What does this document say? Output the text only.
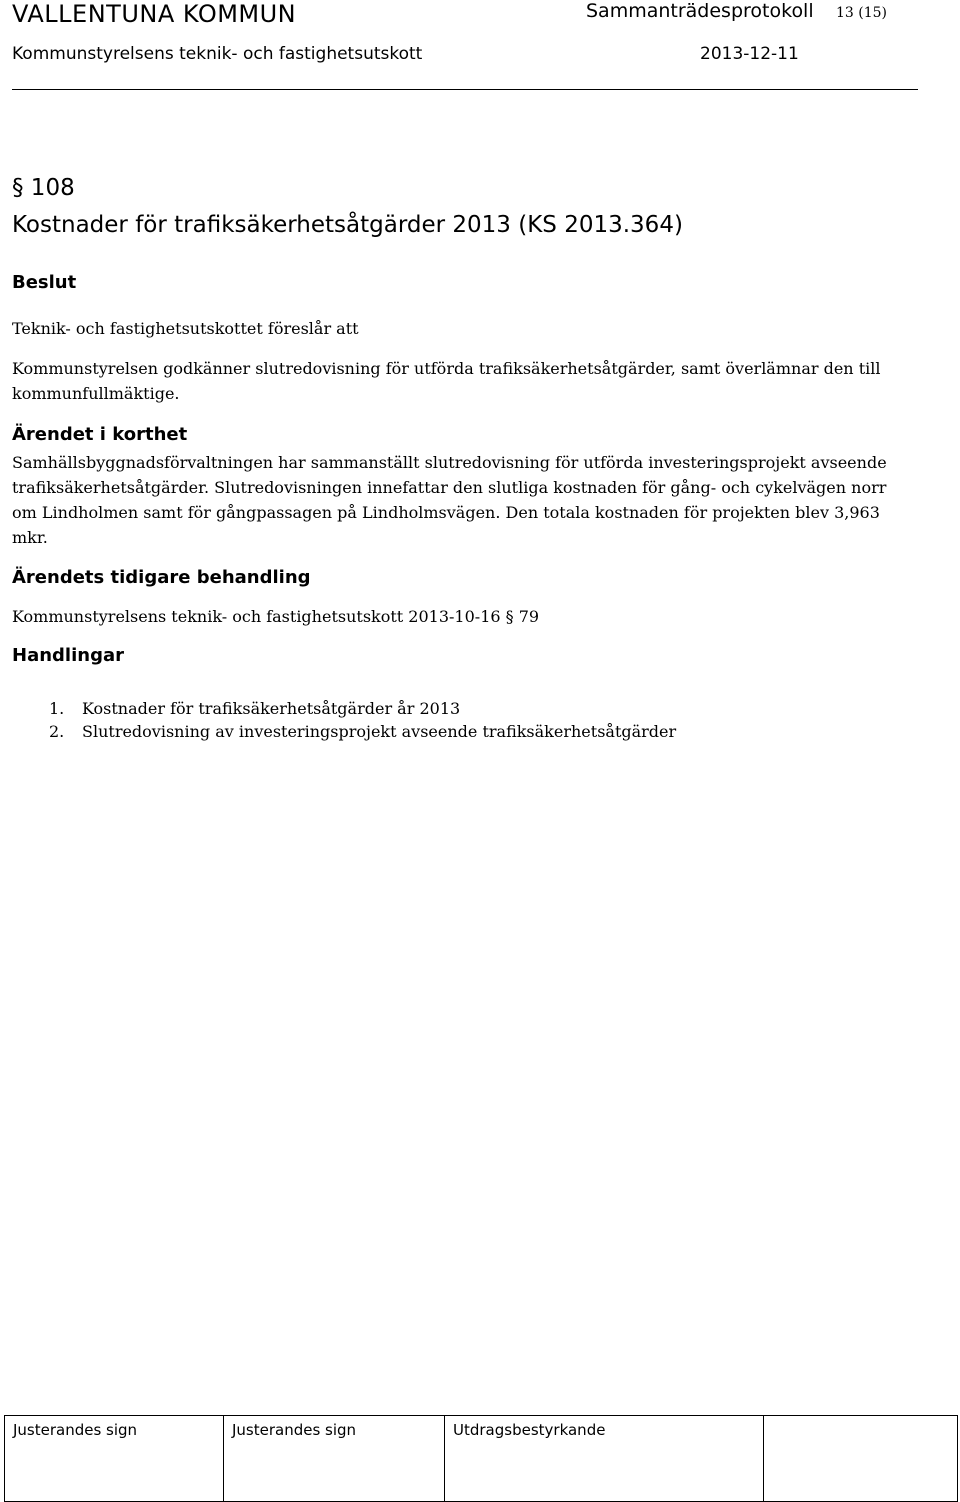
VALLENTUNA KOMMUN	Sammanträdesprotokoll 13 (15)
Kommunstyrelsens teknik- och fastighetsutskott	2013-12-11
§ 108
Kostnader för trafiksäkerhetsåtgärder 2013 (KS 2013.364)
Beslut
Teknik- och fastighetsutskottet föreslår att
Kommunstyrelsen godkänner slutredovisning för utförda trafiksäkerhetsåtgärder, samt överlämnar den till kommunfullmäktige.
Ärendet i korthet
Samhällsbyggnadsförvaltningen har sammanställt slutredovisning för utförda investeringsprojekt avseende trafiksäkerhetsåtgärder. Slutredovisningen innefattar den slutliga kostnaden för gång- och cykelvägen norr om Lindholmen samt för gångpassagen på Lindholmsvägen. Den totala kostnaden för projekten blev 3,963 mkr.
Ärendets tidigare behandling
Kommunstyrelsens teknik- och fastighetsutskott 2013-10-16 § 79
Handlingar
1.	Kostnader för trafiksäkerhetsåtgärder år 2013
2.	Slutredovisning av investeringsprojekt avseende trafiksäkerhetsåtgärder
Justerandes sign	Justerandes sign	Utdragsbestyrkande	
